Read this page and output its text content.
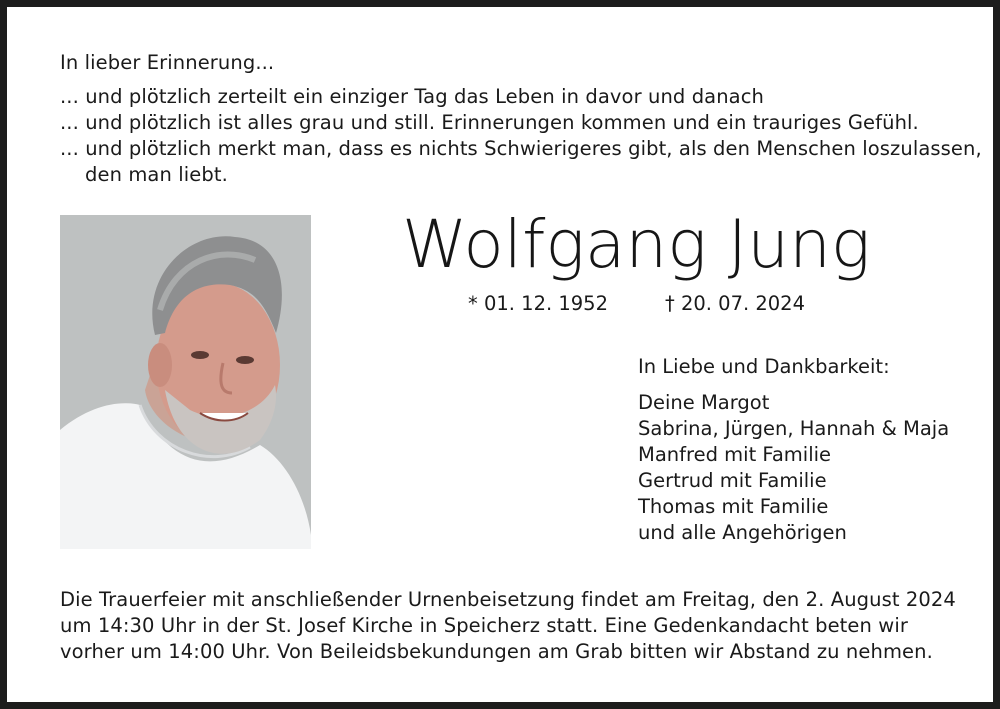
In lieber Erinnerung...
... und plötzlich zerteilt ein einziger Tag das Leben in davor und danach
... und plötzlich ist alles grau und still. Erinnerungen kommen und ein trauriges Gefühl.
... und plötzlich merkt man, dass es nichts Schwierigeres gibt, als den Menschen loszulassen,
den man liebt.
Wolfgang Jung
* 01. 12. 1952	† 20. 07. 2024
In Liebe und Dankbarkeit:
Deine Margot
Sabrina, Jürgen, Hannah & Maja
Manfred mit Familie
Gertrud mit Familie
Thomas mit Familie
und alle Angehörigen
Die Trauerfeier mit anschließender Urnenbeisetzung findet am Freitag, den 2. August 2024
um 14:30 Uhr in der St. Josef Kirche in Speicherz statt. Eine Gedenkandacht beten wir
vorher um 14:00 Uhr. Von Beileidsbekundungen am Grab bitten wir Abstand zu nehmen.
